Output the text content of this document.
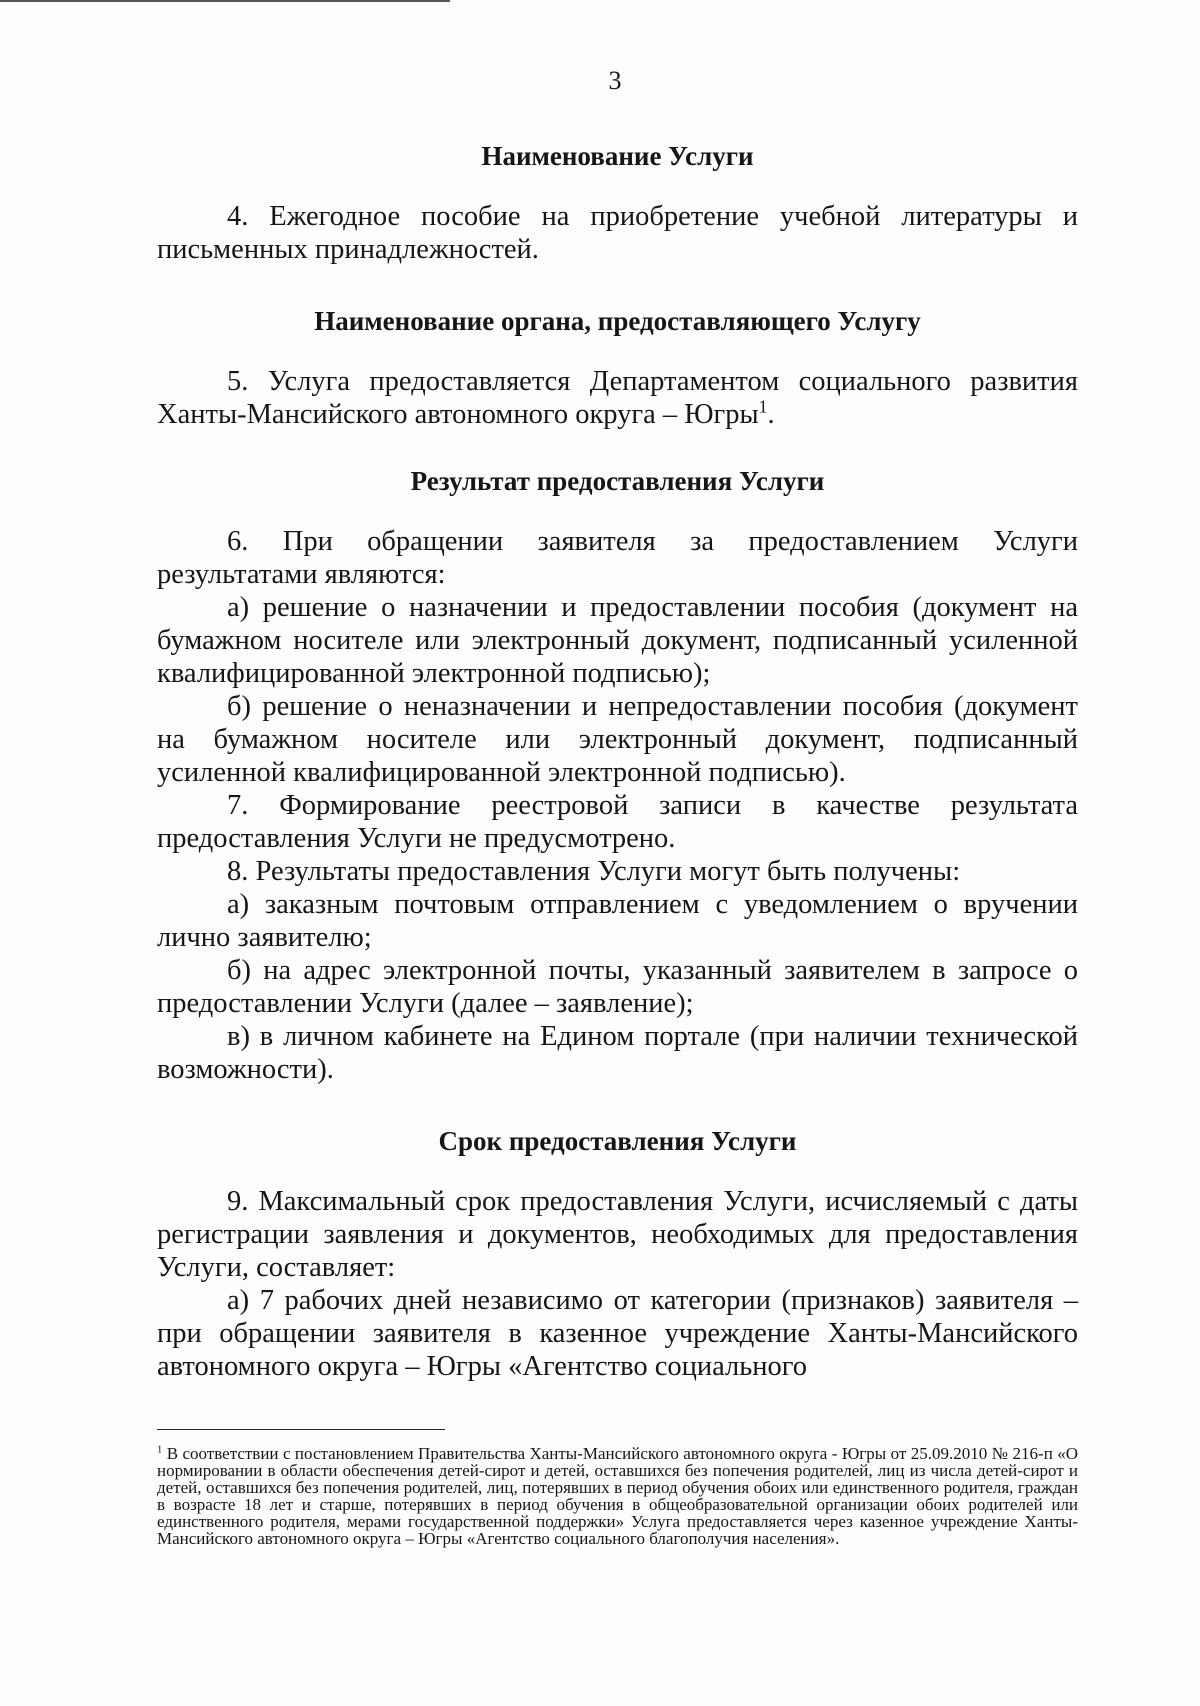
3
Наименование Услуги

4. Ежегодное пособие на приобретение учебной литературы и письменных принадлежностей.

Наименование органа, предоставляющего Услугу

5. Услуга предоставляется Департаментом социального развития Ханты-Мансийского автономного округа – Югры$^1$.

Результат предоставления Услуги

6. При обращении заявителя за предоставлением Услуги результатами являются:

а) решение о назначении и предоставлении пособия (документ на бумажном носителе или электронный документ, подписанный усиленной квалифицированной электронной подписью);

б) решение о неназначении и непредоставлении пособия (документ на бумажном носителе или электронный документ, подписанный усиленной квалифицированной электронной подписью).

7. Формирование реестровой записи в качестве результата предоставления Услуги не предусмотрено.

8. Результаты предоставления Услуги могут быть получены:

а) заказным почтовым отправлением с уведомлением о вручении лично заявителю;

б) на адрес электронной почты, указанный заявителем в запросе о предоставлении Услуги (далее – заявление);

в) в личном кабинете на Едином портале (при наличии технической возможности).

Срок предоставления Услуги

9. Максимальный срок предоставления Услуги, исчисляемый с даты регистрации заявления и документов, необходимых для предоставления Услуги, составляет:

а) 7 рабочих дней независимо от категории (признаков) заявителя – при обращении заявителя в казенное учреждение Ханты-Мансийского автономного округа – Югры «Агентство социального

$^1$ В соответствии с постановлением Правительства Ханты-Мансийского автономного округа - Югры от 25.09.2010 № 216-п «О нормировании в области обеспечения детей-сирот и детей, оставшихся без попечения родителей, лиц из числа детей-сирот и детей, оставшихся без попечения родителей, лиц, потерявших в период обучения обоих или единственного родителя, граждан в возрасте 18 лет и старше, потерявших в период обучения в общеобразовательной организации обоих родителей или единственного родителя, мерами государственной поддержки» Услуга предоставляется через казенное учреждение Ханты-Мансийского автономного округа – Югры «Агентство социального благополучия населения».
